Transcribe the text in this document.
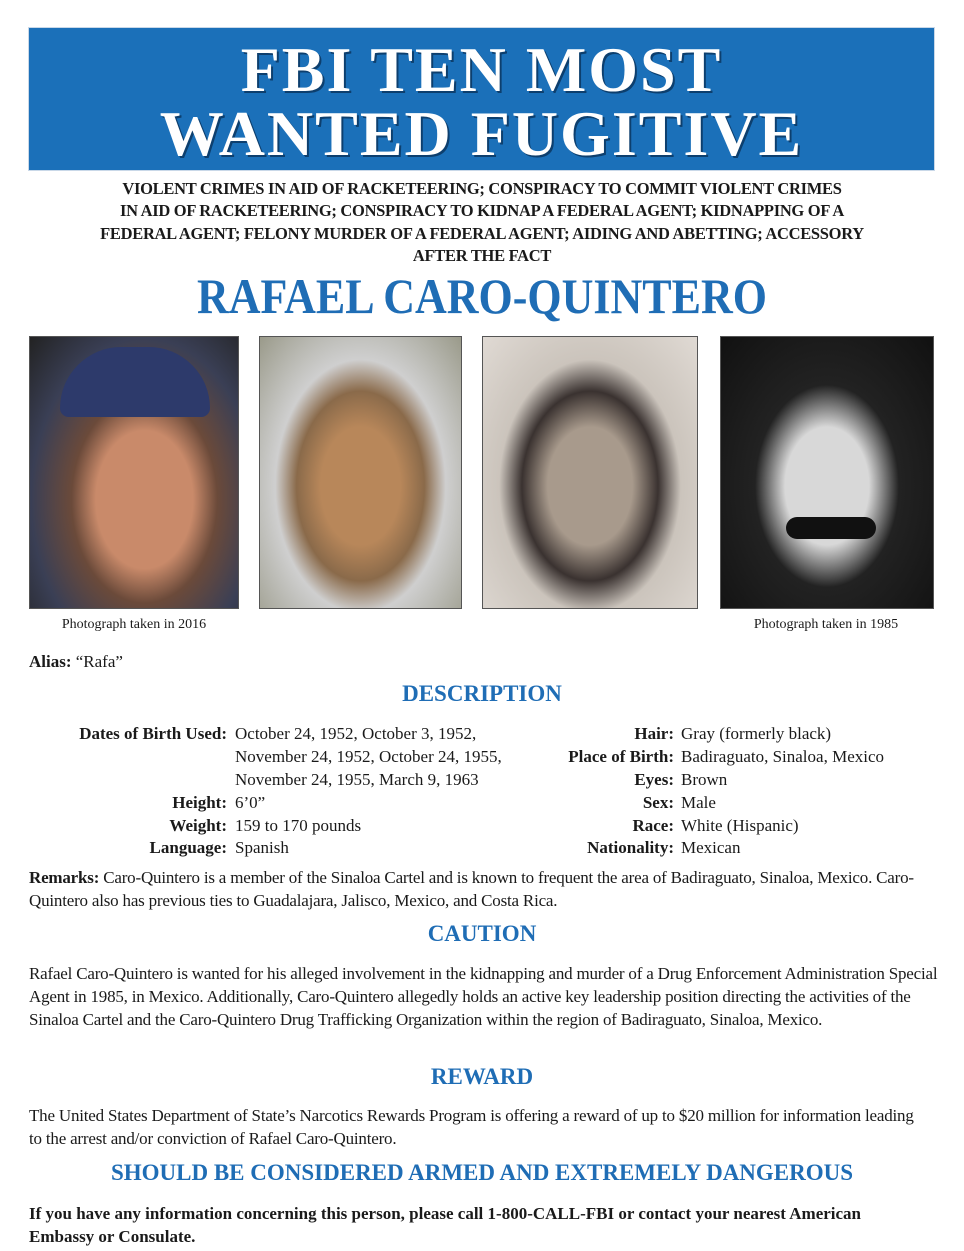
FBI TEN MOST
WANTED FUGITIVE
VIOLENT CRIMES IN AID OF RACKETEERING; CONSPIRACY TO COMMIT VIOLENT CRIMES
IN AID OF RACKETEERING; CONSPIRACY TO KIDNAP A FEDERAL AGENT; KIDNAPPING OF A
FEDERAL AGENT; FELONY MURDER OF A FEDERAL AGENT; AIDING AND ABETTING; ACCESSORY
AFTER THE FACT
RAFAEL CARO-QUINTERO
Photograph taken in 2016	Photograph taken in 1985
Alias: “Rafa”
DESCRIPTION
Dates of Birth Used: October 24, 1952, October 3, 1952,
November 24, 1952, October 24, 1955,
November 24, 1955, March 9, 1963
Height: 6’0”
Weight: 159 to 170 pounds
Language: Spanish
Hair: Gray (formerly black)
Place of Birth: Badiraguato, Sinaloa, Mexico
Eyes: Brown
Sex: Male
Race: White (Hispanic)
Nationality: Mexican
Remarks: Caro-Quintero is a member of the Sinaloa Cartel and is known to frequent the area of Badiraguato, Sinaloa, Mexico. Caro-Quintero also has previous ties to Guadalajara, Jalisco, Mexico, and Costa Rica.
CAUTION
Rafael Caro-Quintero is wanted for his alleged involvement in the kidnapping and murder of a Drug Enforcement Administration Special Agent in 1985, in Mexico. Additionally, Caro-Quintero allegedly holds an active key leadership position directing the activities of the Sinaloa Cartel and the Caro-Quintero Drug Trafficking Organization within the region of Badiraguato, Sinaloa, Mexico.
REWARD
The United States Department of State’s Narcotics Rewards Program is offering a reward of up to $20 million for information leading to the arrest and/or conviction of Rafael Caro-Quintero.
SHOULD BE CONSIDERED ARMED AND EXTREMELY DANGEROUS
If you have any information concerning this person, please call 1-800-CALL-FBI or contact your nearest American Embassy or Consulate.
